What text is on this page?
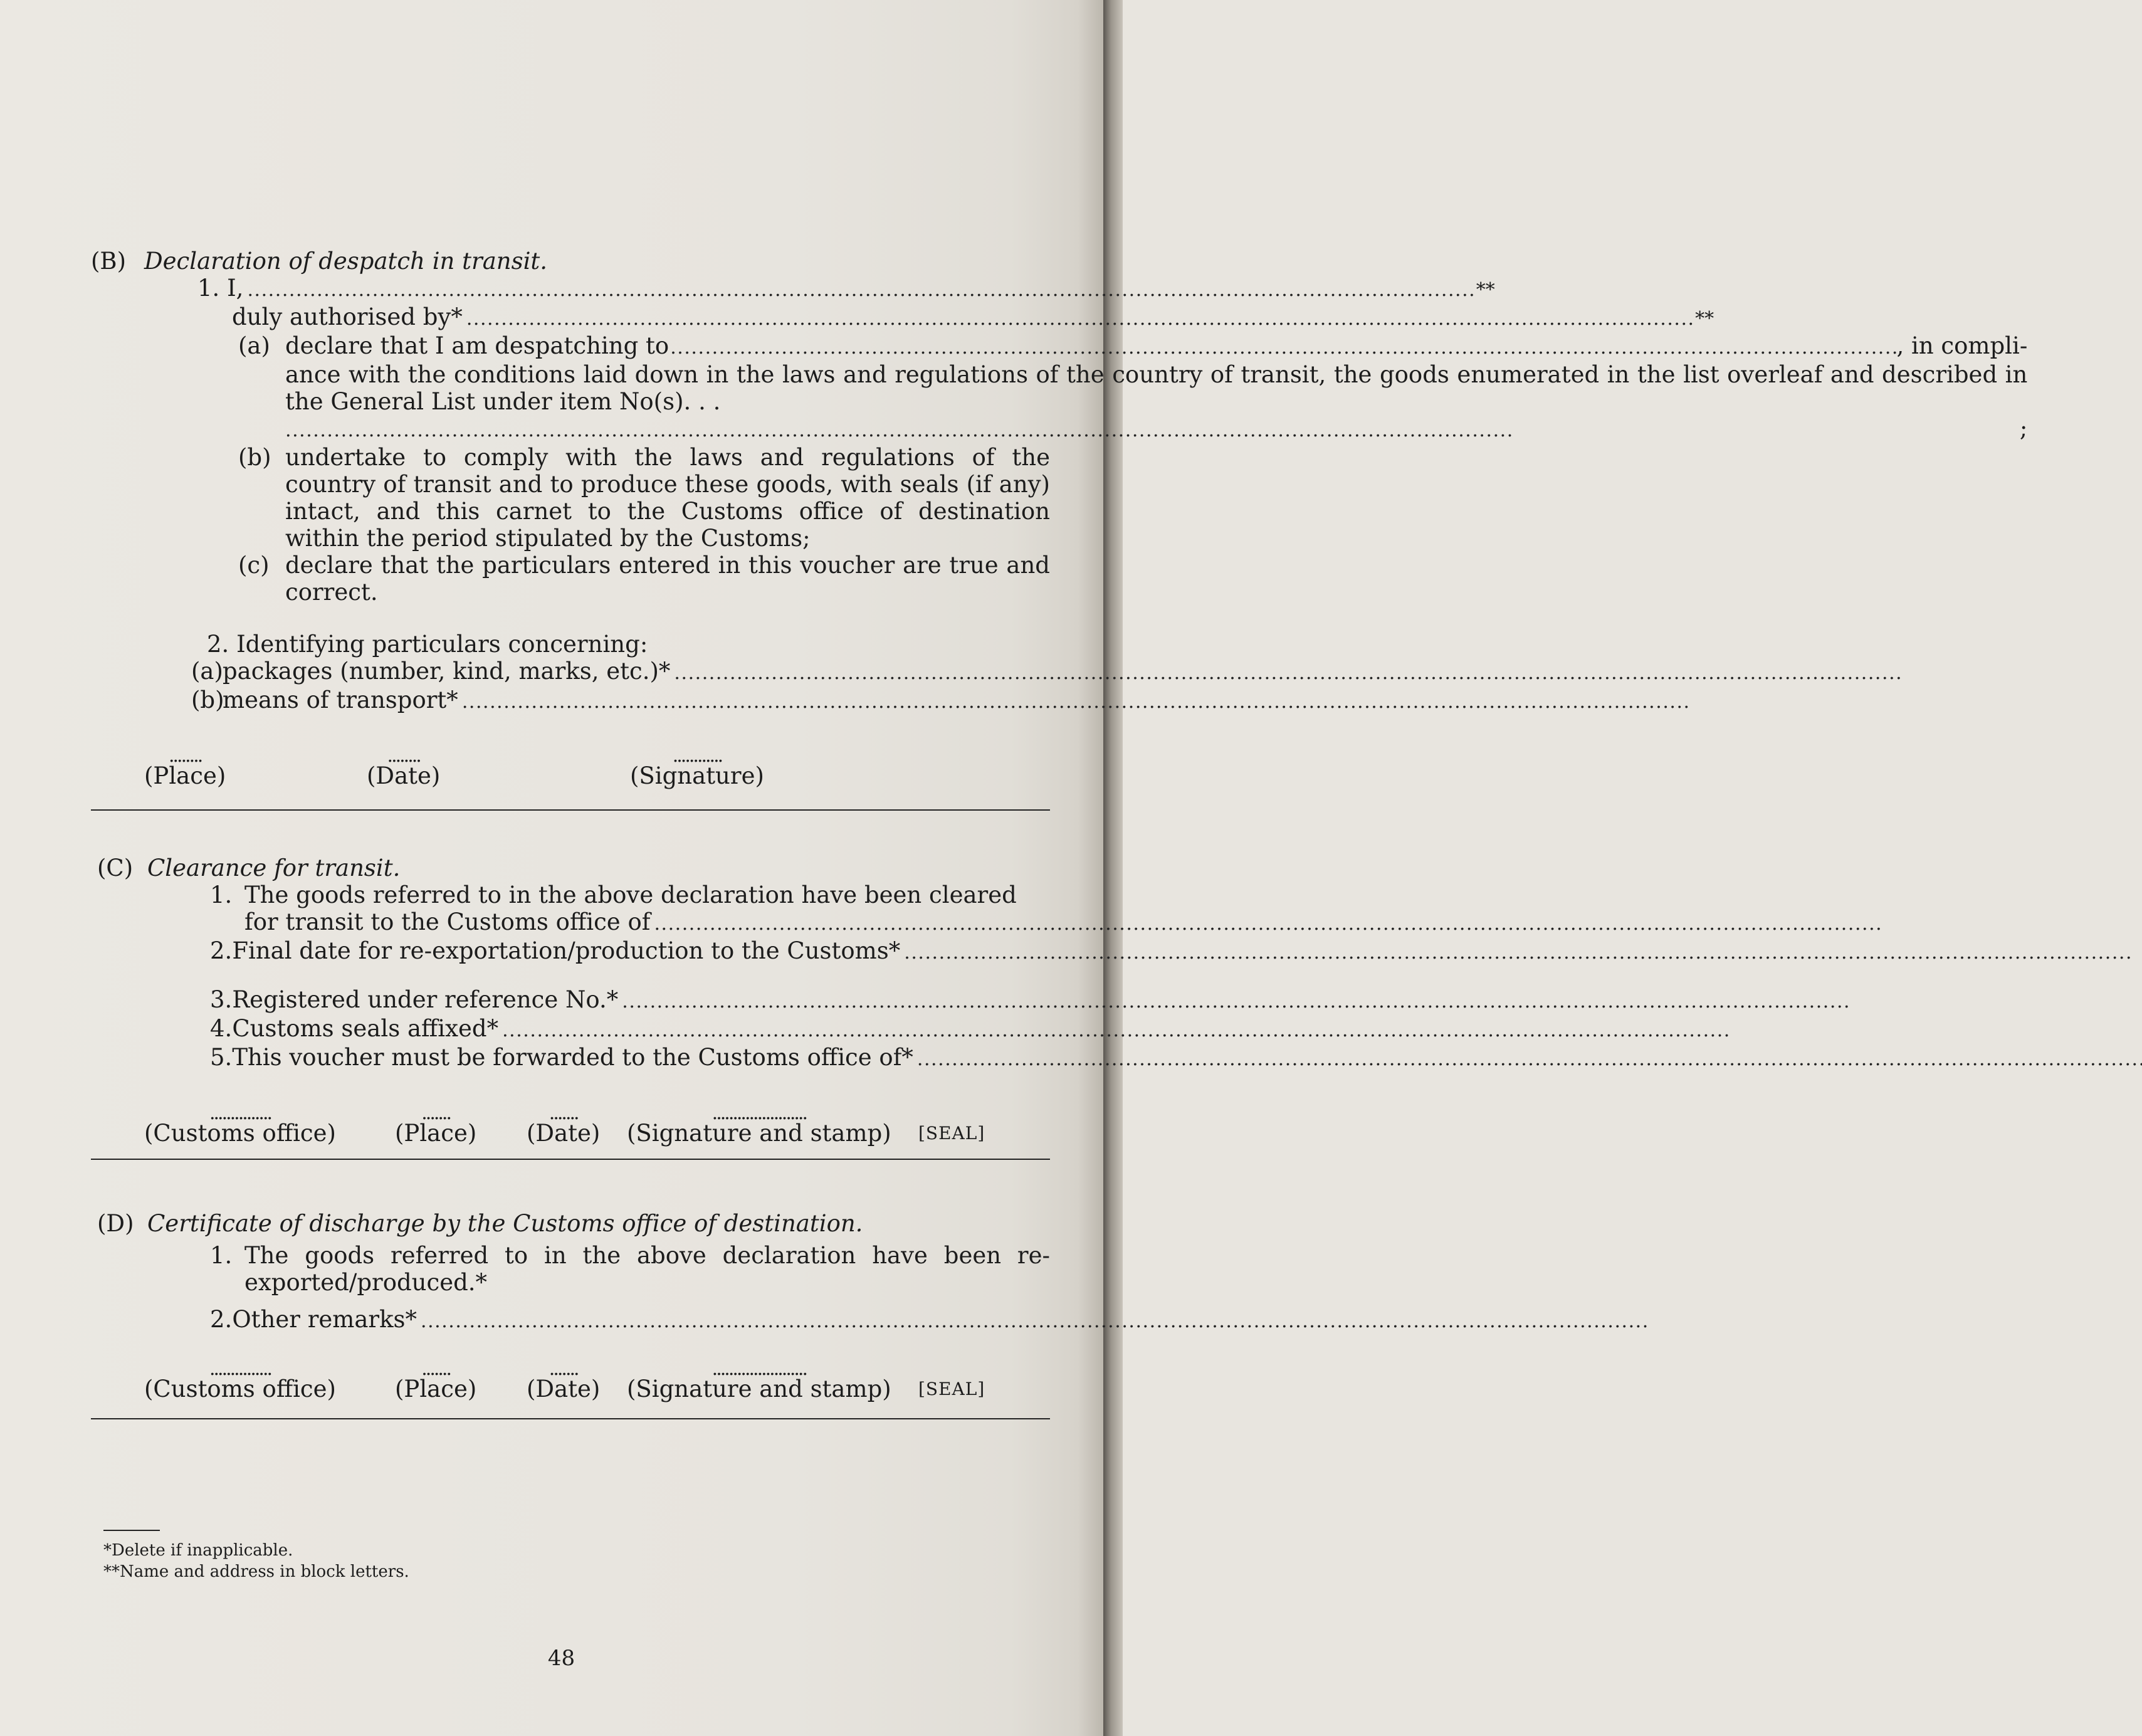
(B) Declaration of despatch in transit.
1. I, . . .	**
duly authorised by* . . .	**
(a) declare that I am despatching to . . .	, in compli-
ance with the conditions laid down in the laws and regulations of the country of transit, the goods enumerated in the list overleaf and described in the General List under item No(s). . .
. . .
;
(b) undertake to comply with the laws and regulations of the country of transit and to produce these goods, with seals (if any) intact, and this carnet to the Customs office of destination within the period stipulated by the Customs;
(c) declare that the particulars entered in this voucher are true and correct.
2. Identifying particulars concerning:
(a) packages (number, kind, marks, etc.)*
. . .
(b)
means of transport*
. . .
........
(Place)
........
(Date)
............
(Signature)
(C) Clearance for transit.
1. The goods referred to in the above declaration have been cleared
for transit to the Customs office of
. . .
2. Final date for re-exportation/production to the Customs*
. . .
3. Registered under reference No.*
. . .
4. Customs seals affixed*
. . .
5. This voucher must be forwarded to the Customs office of*
. . .
...............
(Customs office)
.......
(Place)
.......
(Date)
.......................
(Signature and stamp) [SEAL]
(D) Certificate of discharge by the Customs office of destination.
1. The goods referred to in the above declaration have been re-exported/produced.*
2. Other remarks*
. . .
...............
(Customs office)
.......
(Place)
.......
(Date)
.......................
(Signature and stamp) [SEAL]
*Delete if inapplicable.
**Name and address in block letters.
48
